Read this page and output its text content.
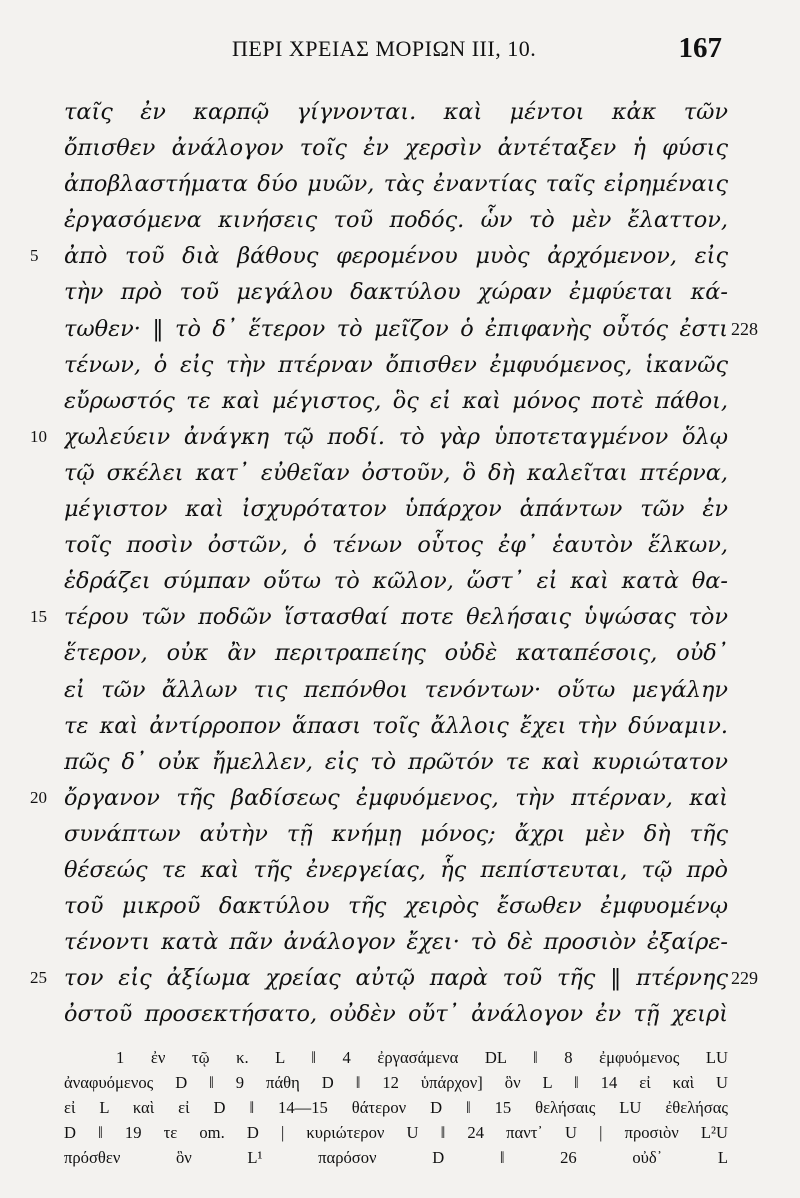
ΠΕΡΙ ΧΡΕΙΑΣ ΜΟΡΙΩΝ III, 10.	167
ταῖς ἐν καρπῷ γίγνονται. καὶ μέντοι κἀκ τῶν
ὄπισθεν ἀνάλογον τοῖς ἐν χερσὶν ἀντέταξεν ἡ φύσις
ἀποβλαστήματα δύο μυῶν, τὰς ἐναντίας ταῖς εἰρημέναις
ἐργασόμενα κινήσεις τοῦ ποδός. ὧν τὸ μὲν ἔλαττον,
5	ἀπὸ τοῦ διὰ βάθους φερομένου μυὸς ἀρχόμενον, εἰς
τὴν πρὸ τοῦ μεγάλου δακτύλου χώραν ἐμφύεται κά-
τωθεν· ‖ τὸ δ᾽ ἕτερον τὸ μεῖζον ὁ ἐπιφανὴς οὗτός ἐστι 228
τένων, ὁ εἰς τὴν πτέρναν ὄπισθεν ἐμφυόμενος, ἱκανῶς
εὔρωστός τε καὶ μέγιστος, ὃς εἰ καὶ μόνος ποτὲ πάθοι,
10 χωλεύειν ἀνάγκη τῷ ποδί. τὸ γὰρ ὑποτεταγμένον ὅλῳ
τῷ σκέλει κατ᾽ εὐθεῖαν ὀστοῦν, ὃ δὴ καλεῖται πτέρνα,
μέγιστον καὶ ἰσχυρότατον ὑπάρχον ἁπάντων τῶν ἐν
τοῖς ποσὶν ὀστῶν, ὁ τένων οὗτος ἐφ᾽ ἑαυτὸν ἕλκων,
ἑδράζει σύμπαν οὕτω τὸ κῶλον, ὥστ᾽ εἰ καὶ κατὰ θα-
15 τέρου τῶν ποδῶν ἵστασθαί ποτε θελήσαις ὑψώσας τὸν
ἕτερον, οὐκ ἂν περιτραπείης οὐδὲ καταπέσοις, οὐδ᾽
εἰ τῶν ἄλλων τις πεπόνθοι τενόντων· οὕτω μεγάλην
τε καὶ ἀντίρροπον ἅπασι τοῖς ἄλλοις ἔχει τὴν δύναμιν.
πῶς δ᾽ οὐκ ἤμελλεν, εἰς τὸ πρῶτόν τε καὶ κυριώτατον
20 ὄργανον τῆς βαδίσεως ἐμφυόμενος, τὴν πτέρναν, καὶ
συνάπτων αὐτὴν τῇ κνήμῃ μόνος; ἄχρι μὲν δὴ τῆς
θέσεώς τε καὶ τῆς ἐνεργείας, ἧς πεπίστευται, τῷ πρὸ
τοῦ μικροῦ δακτύλου τῆς χειρὸς ἔσωθεν ἐμφυομένῳ
τένοντι κατὰ πᾶν ἀνάλογον ἔχει· τὸ δὲ προσιὸν ἐξαίρε-
25 τον εἰς ἀξίωμα χρείας αὐτῷ παρὰ τοῦ τῆς ‖ πτέρνης 229
ὀστοῦ προσεκτήσατο, οὐδὲν οὔτ᾽ ἀνάλογον ἐν τῇ χειρὶ
1 ἐν τῷ κ. L ‖ 4 ἐργασάμενα DL ‖ 8 ἐμφυόμενος LU
ἀναφυόμενος D ‖ 9 πάθη D ‖ 12 ὑπάρχον] ὃν L ‖ 14 εἰ καὶ U
εἰ L καὶ εἰ D ‖ 14—15 θάτερον D ‖ 15 θελήσαις LU ἐθελήσας
D ‖ 19 τε om. D | κυριώτερον U ‖ 24 παντ᾽ U | προσιὸν L²U
πρόσθεν ὃν L¹ παρόσον D ‖ 26 οὐδ᾽ L
